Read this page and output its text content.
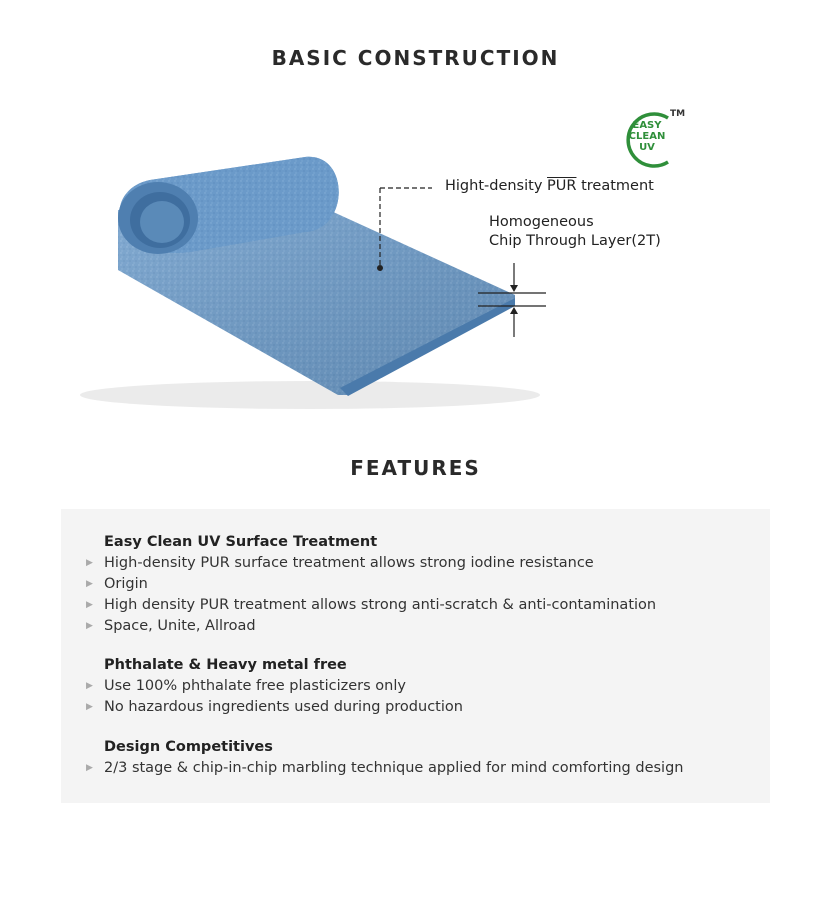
BASIC CONSTRUCTION
EASY
CLEAN
UV
TM
Hight-density $\overline{PUR}$ treatment
Homogeneous
Chip Through Layer(2T)
FEATURES
Easy Clean UV Surface Treatment
▶ High-density PUR surface treatment allows strong iodine resistance
▶ Origin
▶ High density PUR treatment allows strong anti-scratch & anti-contamination
▶ Space, Unite, Allroad
Phthalate & Heavy metal free
▶ Use 100% phthalate free plasticizers only
▶ No hazardous ingredients used during production
Design Competitives
▶ 2/3 stage & chip-in-chip marbling technique applied for mind comforting design
